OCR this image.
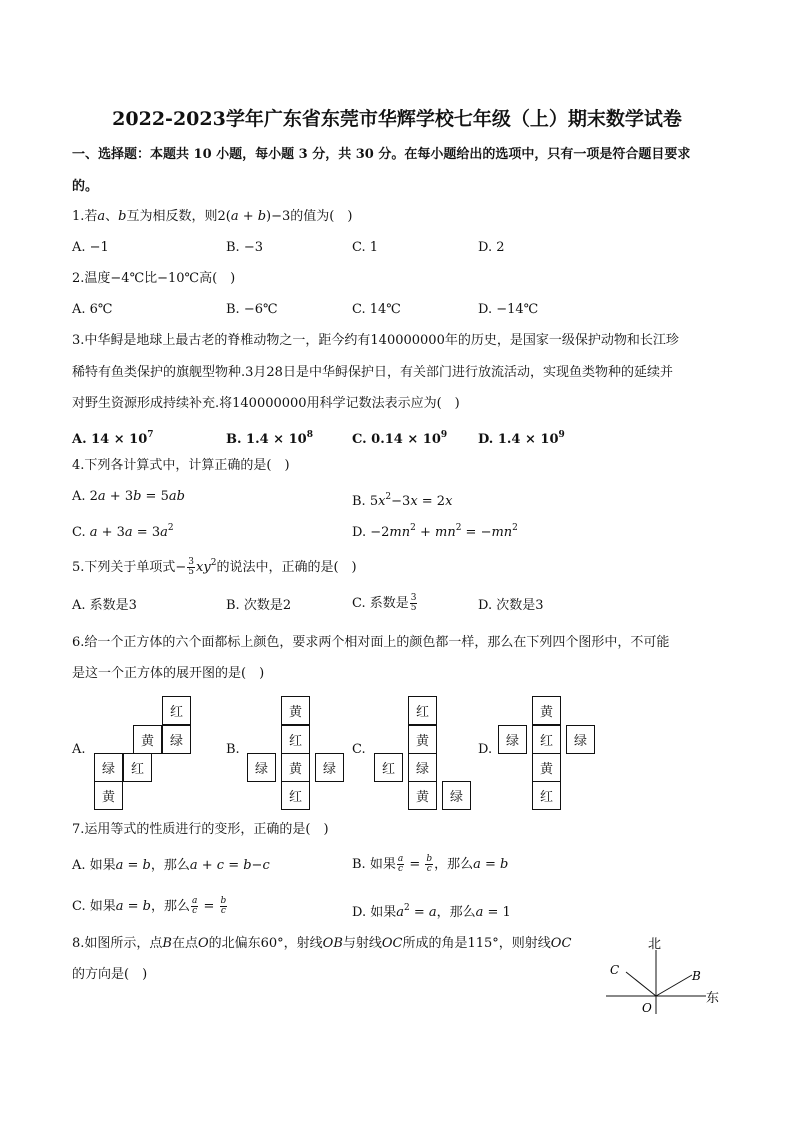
2022-2023学年广东省东莞市华辉学校七年级（上）期末数学试卷
一、选择题：本题共 10 小题，每小题 3 分，共 30 分。在每小题给出的选项中，只有一项是符合题目要求
的。
1.若𝑎、𝑏互为相反数，则2(𝑎 + 𝑏)−3的值为(　)
A. −1	B. −3	C. 1	D. 2
2.温度−4℃比−10℃高(　)
A. 6℃	B. −6℃	C. 14℃	D. −14℃
3.中华鲟是地球上最古老的脊椎动物之一，距今约有140000000年的历史，是国家一级保护动物和长江珍
稀特有鱼类保护的旗舰型物种.3月28日是中华鲟保护日，有关部门进行放流活动，实现鱼类物种的延续并
对野生资源形成持续补充.将140000000用科学记数法表示应为(　)
A. $14 \times 10^7$	B. $1.4 \times 10^8$	C. $0.14 \times 10^9$ D. $1.4 \times 10^9$
4.下列各计算式中，计算正确的是(　)
A. 2𝑎 + 3𝑏 = 5𝑎𝑏	B. 5𝑥$^2$−3𝑥 = 2𝑥
C. 𝑎 + 3𝑎 = 3𝑎$^2$	D. −2𝑚𝑛$^2$ + 𝑚𝑛$^2$ = −𝑚𝑛$^2$
5.下列关于单项式− $\frac{3}{5}$ 𝑥𝑦$^2$的说法中，正确的是(　)
A. 系数是3	B. 次数是2	C. 系数是 $\frac{3}{5}$	D. 次数是3
6.给一个正方体的六个面都标上颜色，要求两个相对面上的颜色都一样，那么在下列四个图形中，不可能
是这一个正方体的展开图的是(　)
A.
红
黄	绿
绿	红
黄
B.
黄
红
绿	黄	绿
红
C.
红
黄
红	绿
黄	绿
D.
黄
绿	红	绿
黄
红
7.运用等式的性质进行的变形，正确的是(　)
A. 如果𝑎 = 𝑏，那么𝑎 + 𝑐 = 𝑏−𝑐	B. 如果 $\frac{\text{𝑎}}{\text{𝑐}} = \frac{\text{𝑏}}{\text{𝑐}}$ ，那么𝑎 = 𝑏
C. 如果𝑎 = 𝑏，那么 $\frac{\text{𝑎}}{\text{𝑐}} = \frac{\text{𝑏}}{\text{𝑐}}$	D. 如果𝑎$^2$ = 𝑎，那么𝑎 = 1
8.如图所示，点𝐵在点𝑂的北偏东60°，射线𝑂𝐵与射线𝑂𝐶所成的角是115°，则射线𝑂𝐶
的方向是(　)
北
东
B
C
O
